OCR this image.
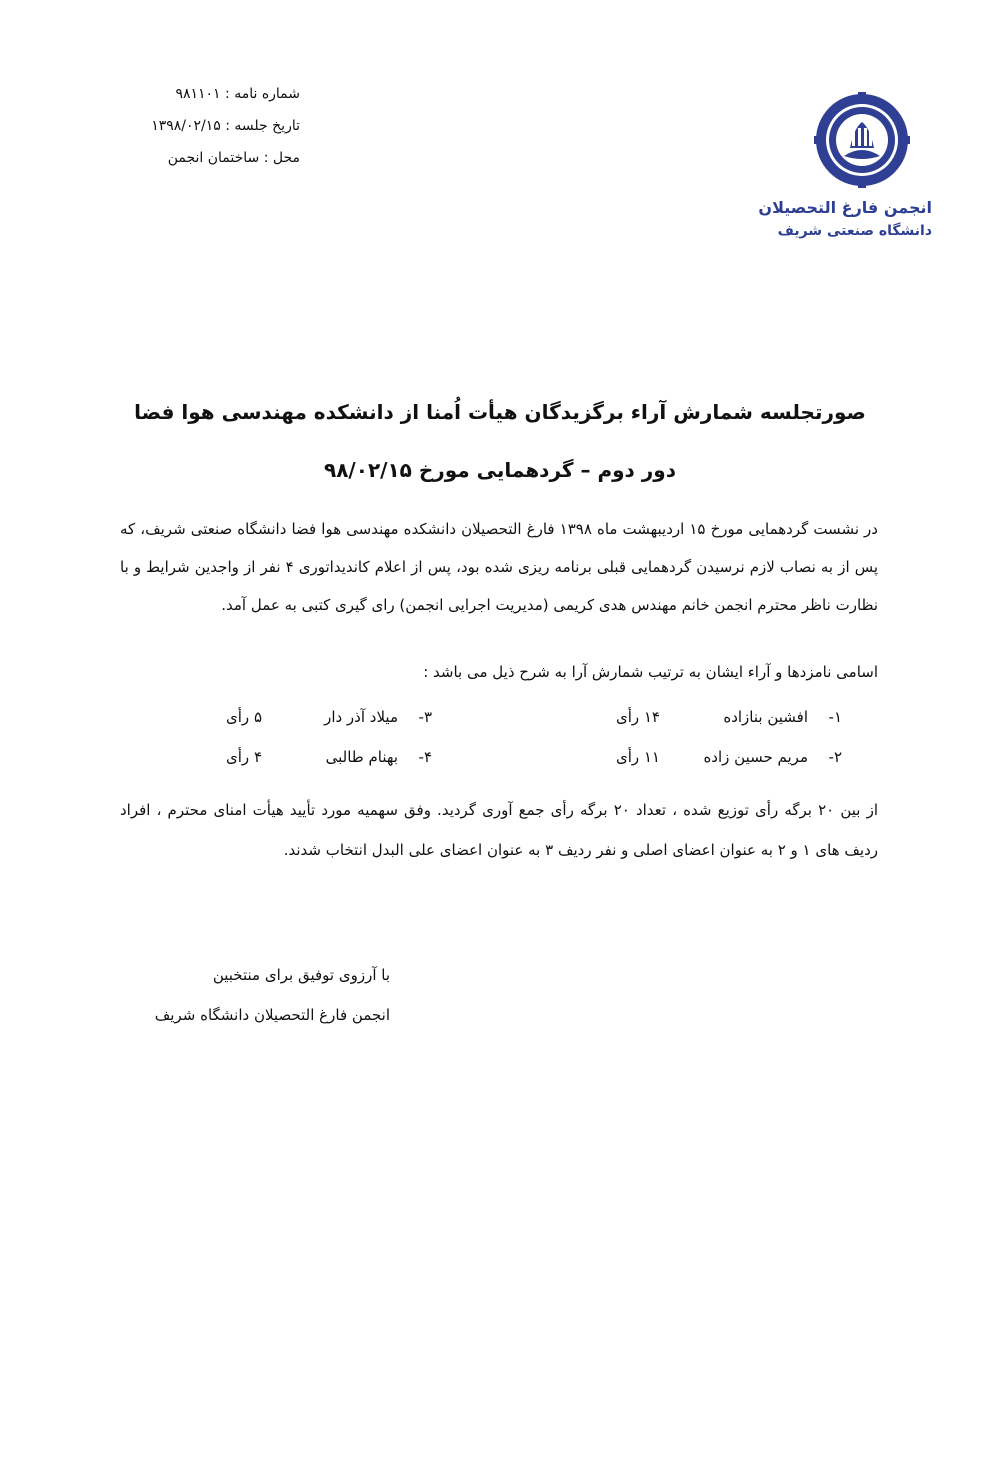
شماره نامه : ۹۸۱۱۰۱
تاریخ جلسه : ۱۳۹۸/۰۲/۱۵
محل : ساختمان انجمن
انجمن فارغ التحصیلان
دانشگاه صنعتی شریف
صورتجلسه شمارش آراء برگزیدگان هیأت اُمنا از دانشکده مهندسی هوا فضا
دور دوم – گردهمایی مورخ ۹۸/۰۲/۱۵
در نشست گردهمایی مورخ ۱۵ اردیبهشت ماه ۱۳۹۸ فارغ التحصیلان دانشکده مهندسی هوا فضا دانشگاه صنعتی شریف، که پس از به نصاب لازم نرسیدن گردهمایی قبلی برنامه ریزی شده بود، پس از اعلام کاندیداتوری ۴ نفر از واجدین شرایط و با نظارت ناظر محترم انجمن خانم مهندس هدی کریمی (مدیریت اجرایی انجمن) رای گیری کتبی به عمل آمد.
اسامی نامزدها و آراء ایشان به ترتیب شمارش آرا به شرح ذیل می باشد :
۱-افشین بنازاده
۱۴ رأی
۲-مریم حسین زاده
۱۱ رأی
۳-میلاد آذر دار
۵ رأی
۴-بهنام طالبی
۴ رأی
از بین ۲۰ برگه رأی توزیع شده ، تعداد ۲۰ برگه رأی جمع آوری گردید. وفق سهمیه مورد تأیید هیأت امنای محترم ، افراد ردیف های ۱ و ۲ به عنوان اعضای اصلی و نفر ردیف ۳ به عنوان اعضای علی البدل انتخاب شدند.
با آرزوی توفیق برای منتخبین
انجمن فارغ التحصیلان دانشگاه شریف
